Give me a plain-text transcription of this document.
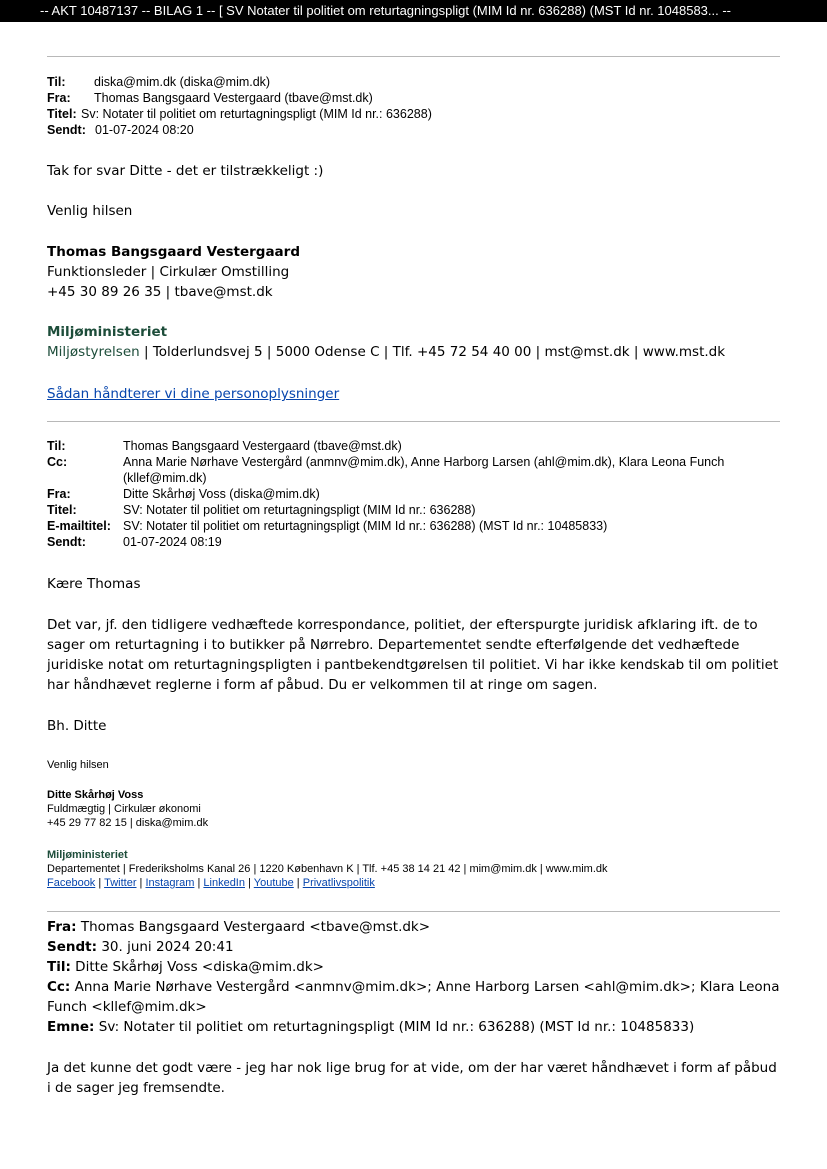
-- AKT 10487137 -- BILAG 1 -- [ SV Notater til politiet om returtagningspligt (MIM Id nr. 636288) (MST Id nr. 1048583... --
Til:	diska@mim.dk (diska@mim.dk)
Fra:	Thomas Bangsgaard Vestergaard (tbave@mst.dk)
Titel: Sv: Notater til politiet om returtagningspligt (MIM Id nr.: 636288)
Sendt: 01-07-2024 08:20
Tak for svar Ditte - det er tilstrækkeligt :)
Venlig hilsen

Thomas Bangsgaard Vestergaard

Funktionsleder | Cirkulær Omstilling

+45 30 89 26 35 | tbave@mst.dk

Miljøministeriet

Miljøstyrelsen | Tolderlundsvej 5 | 5000 Odense C | Tlf. +45 72 54 40 00 | mst@mst.dk | www.mst.dk

Sådan håndterer vi dine personoplysninger
Til:	Thomas Bangsgaard Vestergaard (tbave@mst.dk)
Cc:	Anna Marie Nørhave Vestergård (anmnv@mim.dk), Anne Harborg Larsen (ahl@mim.dk), Klara Leona Funch (kllef@mim.dk)
Fra:	Ditte Skårhøj Voss (diska@mim.dk)
Titel:	SV: Notater til politiet om returtagningspligt (MIM Id nr.: 636288)
E-mailtitel: SV: Notater til politiet om returtagningspligt (MIM Id nr.: 636288) (MST Id nr.: 10485833)
Sendt:	01-07-2024 08:19
Kære Thomas
Det var, jf. den tidligere vedhæftede korrespondance, politiet, der efterspurgte juridisk afklaring ift. de to sager om returtagning i to butikker på Nørrebro. Departementet sendte efterfølgende det vedhæftede juridiske notat om returtagningspligten i pantbekendtgørelsen til politiet. Vi har ikke kendskab til om politiet har håndhævet reglerne i form af påbud. Du er velkommen til at ringe om sagen.
Bh. Ditte
Venlig hilsen

Ditte Skårhøj Voss

Fuldmægtig | Cirkulær økonomi

+45 29 77 82 15 | diska@mim.dk

Miljøministeriet

Departementet | Frederiksholms Kanal 26 | 1220 København K | Tlf. +45 38 14 21 42 | mim@mim.dk | www.mim.dk

Facebook | Twitter | Instagram | LinkedIn | Youtube | Privatlivspolitik

Fra: Thomas Bangsgaard Vestergaard <tbave@mst.dk>

Sendt: 30. juni 2024 20:41

Til: Ditte Skårhøj Voss <diska@mim.dk>

Cc: Anna Marie Nørhave Vestergård <anmnv@mim.dk>; Anne Harborg Larsen <ahl@mim.dk>; Klara Leona Funch <kllef@mim.dk>

Emne: Sv: Notater til politiet om returtagningspligt (MIM Id nr.: 636288) (MST Id nr.: 10485833)

Ja det kunne det godt være - jeg har nok lige brug for at vide, om der har været håndhævet i form af påbud i de sager jeg fremsendte.
